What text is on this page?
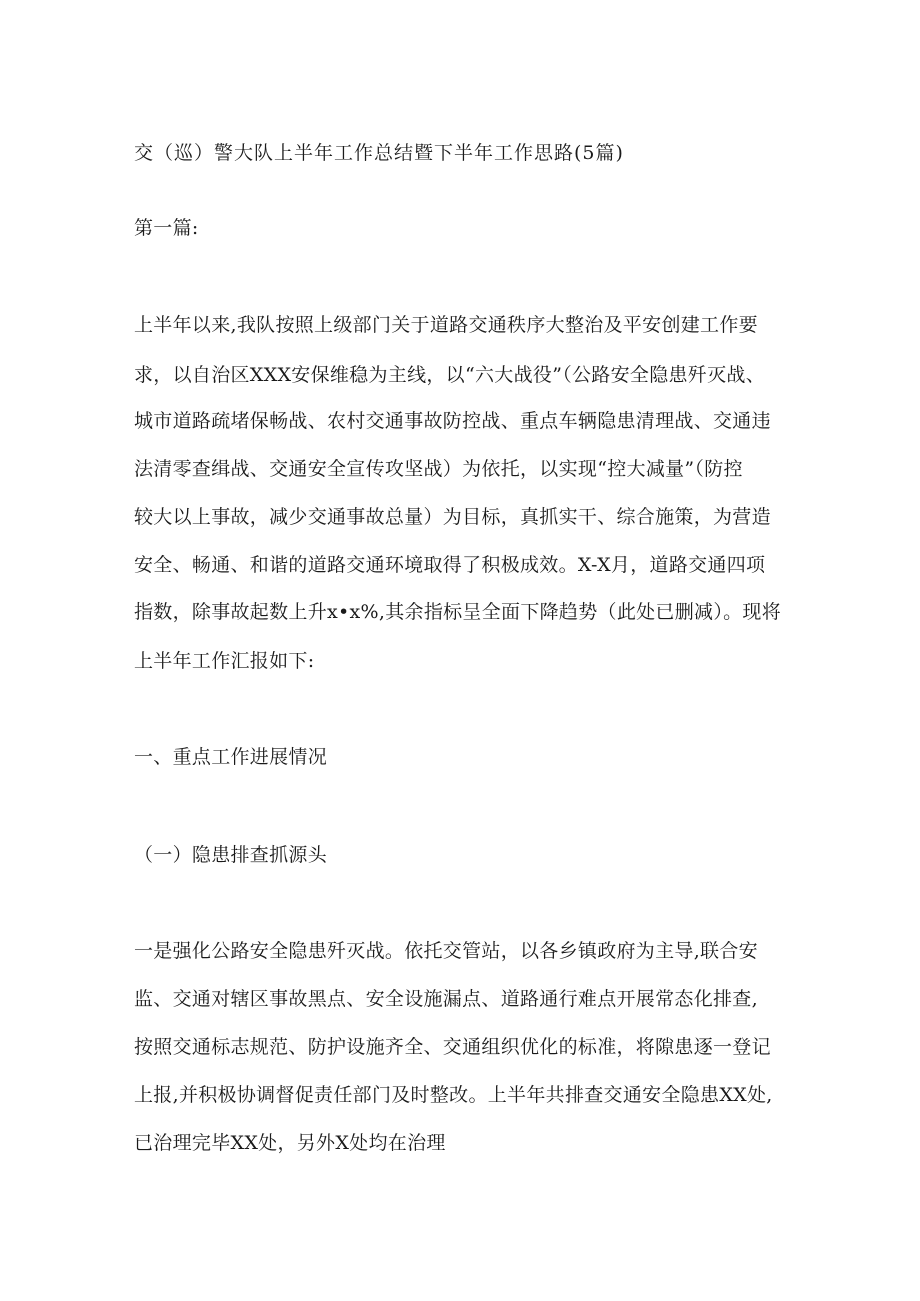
交（巡）警大队上半年工作总结暨下半年工作思路(5篇)
第一篇:
上半年以来,我队按照上级部门关于道路交通秩序大整治及平安创建工作要
求，以自治区XXX安保维稳为主线，以“六大战役”（公路安全隐患歼灭战、
城市道路疏堵保畅战、农村交通事故防控战、重点车辆隐患清理战、交通违
法清零查缉战、交通安全宣传攻坚战）为依托，以实现“控大减量”（防控
较大以上事故，减少交通事故总量）为目标，真抓实干、综合施策，为营造
安全、畅通、和谐的道路交通环境取得了积极成效。X-X月，道路交通四项
指数，除事故起数上升x•x%,其余指标呈全面下降趋势（此处已删减）。现将
上半年工作汇报如下:
一、重点工作进展情况
（一）隐患排查抓源头
一是强化公路安全隐患歼灭战。依托交管站，以各乡镇政府为主导,联合安
监、交通对辖区事故黑点、安全设施漏点、道路通行难点开展常态化排查,
按照交通标志规范、防护设施齐全、交通组织优化的标准，将隙患逐一登记
上报,并积极协调督促责任部门及时整改。上半年共排查交通安全隐患XX处,
已治理完毕XX处，另外X处均在治理
